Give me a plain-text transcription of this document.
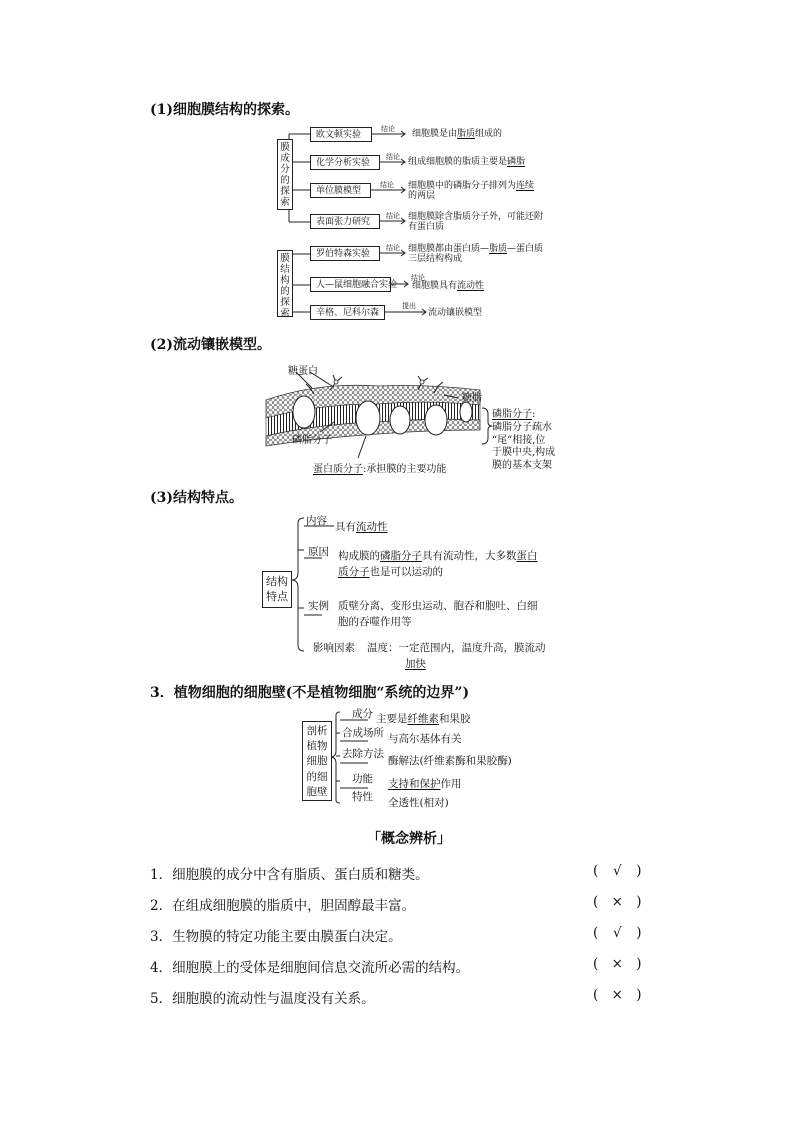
(1)细胞膜结构的探索。
膜成分的探索
膜结构的探索
欧文顿实验
结论 细胞膜是由脂质组成的
化学分析实验
结论 组成细胞膜的脂质主要是磷脂
单位膜模型
结论 细胞膜中的磷脂分子排列为连续
的两层
表面张力研究
结论 细胞膜除含脂质分子外，可能还附
有蛋白质
罗伯特森实验
结论 细胞膜都由蛋白质—脂质—蛋白质
三层结构构成
人—鼠细胞融合实验
结论
细胞膜具有流动性
辛格、尼科尔森
提出
流动镶嵌模型
(2)流动镶嵌模型。
糖蛋白
糖脂
磷脂分子
蛋白质分子:承担膜的主要功能
磷脂分子:
磷脂分子疏水
“尾”相接,位
于膜中央,构成
膜的基本支架
(3)结构特点。
结构特点
内容 具有流动性
原因 构成膜的磷脂分子具有流动性，大多数蛋白
质分子也是可以运动的
实例 质壁分离、变形虫运动、胞吞和胞吐、白细
胞的吞噬作用等
影响因素 温度：一定范围内，温度升高，膜流动
加快
3．植物细胞的细胞壁(不是植物细胞“系统的边界”)
剖析植物细胞的细胞壁
成分 主要是纤维素和果胶
合成场所 与高尔基体有关
去除方法
酶解法(纤维素酶和果胶酶)
功能 支持和保护作用
特性 全透性(相对)
「概念辨析」
1．细胞膜的成分中含有脂质、蛋白质和糖类。	( √ )
2．在组成细胞膜的脂质中，胆固醇最丰富。	( × )
3．生物膜的特定功能主要由膜蛋白决定。	( √ )
4．细胞膜上的受体是细胞间信息交流所必需的结构。	( × )
5．细胞膜的流动性与温度没有关系。	( × )
